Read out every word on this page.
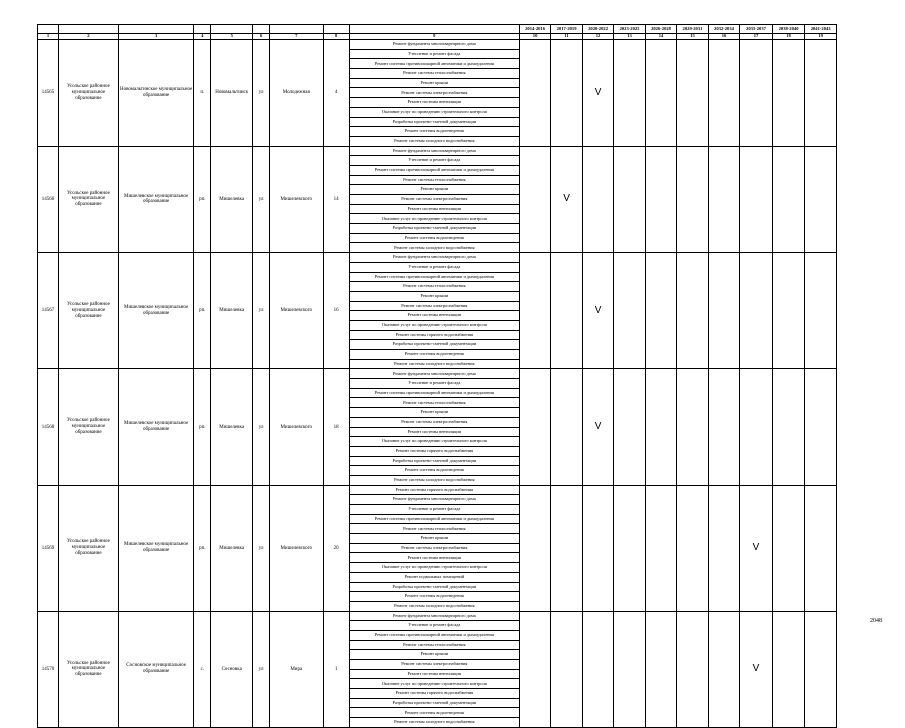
									2014-2016	2017-2019	2020-2022	2023-2025	2026-2028	2029-2031	2032-2034	2035-2037	2038-2040	2041-2043
1	2	3	4	5	6	7	8	9	10	11	12	13	14	15	16	17	18	19
14565	Усольское районное муниципальное образование	Новомальтинское муниципальное образование	п.	Новомальтинск	ул	Молодежная	4	Ремонт фундамента многоквартирного дома			V							
								Утепление и ремонт фасада										
								Ремонт системы противопожарной автоматики и дымоудаления										
								Ремонт системы теплоснабжения										
								Ремонт крыши										
								Ремонт системы электроснабжения										
								Ремонт системы вентиляции										
								Оказание услуг по проведению строительного контроля										
								Разработка проектно-сметной документации										
								Ремонт системы водоотведения										
								Ремонт системы холодного водоснабжения										
14566	Усольское районное муниципальное образование	Мишелевское муниципальное образование	рп.	Мишелевка	ул	Мишелевского	14	Ремонт фундамента многоквартирного дома		V								
								Утепление и ремонт фасада										
								Ремонт системы противопожарной автоматики и дымоудаления										
								Ремонт системы теплоснабжения										
								Ремонт крыши										
								Ремонт системы электроснабжения										
								Ремонт системы вентиляции										
								Оказание услуг по проведению строительного контроля										
								Разработка проектно-сметной документации										
								Ремонт системы водоотведения										
								Ремонт системы холодного водоснабжения										
14567	Усольское районное муниципальное образование	Мишелевское муниципальное образование	рп.	Мишелевка	ул	Мишелевского	16	Ремонт фундамента многоквартирного дома			V							
								Утепление и ремонт фасада										
								Ремонт системы противопожарной автоматики и дымоудаления										
								Ремонт системы теплоснабжения										
								Ремонт крыши										
								Ремонт системы электроснабжения										
								Ремонт системы вентиляции										
								Оказание услуг по проведению строительного контроля										
								Ремонт системы горячего водоснабжения										
								Разработка проектно-сметной документации										
								Ремонт системы водоотведения										
								Ремонт системы холодного водоснабжения										
14568	Усольское районное муниципальное образование	Мишелевское муниципальное образование	рп.	Мишелевка	ул	Мишелевского	18	Ремонт фундамента многоквартирного дома			V							
								Утепление и ремонт фасада										
								Ремонт системы противопожарной автоматики и дымоудаления										
								Ремонт системы теплоснабжения										
								Ремонт крыши										
								Ремонт системы электроснабжения										
								Ремонт системы вентиляции										
								Оказание услуг по проведению строительного контроля										
								Ремонт системы горячего водоснабжения										
								Разработка проектно-сметной документации										
								Ремонт системы водоотведения										
								Ремонт системы холодного водоснабжения										
14569	Усольское районное муниципальное образование	Мишелевское муниципальное образование	рп.	Мишелевка	ул	Мишелевского	20	Ремонт системы горячего водоснабжения								V		
								Ремонт фундамента многоквартирного дома										
								Утепление и ремонт фасада										
								Ремонт системы противопожарной автоматики и дымоудаления										
								Ремонт системы теплоснабжения										
								Ремонт крыши										
								Ремонт системы электроснабжения										
								Ремонт системы вентиляции										
								Оказание услуг по проведению строительного контроля										
								Ремонт подвальных помещений										
								Разработка проектно-сметной документации										
								Ремонт системы водоотведения										
								Ремонт системы холодного водоснабжения										
14570	Усольское районное муниципальное образование	Сосновское муниципальное образование	с.	Сосновка	ул	Мира	1	Ремонт фундамента многоквартирного дома								V		
								Утепление и ремонт фасада										
								Ремонт системы противопожарной автоматики и дымоудаления										
								Ремонт системы теплоснабжения										
								Ремонт крыши										
								Ремонт системы электроснабжения										
								Ремонт системы вентиляции										
								Оказание услуг по проведению строительного контроля										
								Ремонт системы горячего водоснабжения										
								Разработка проектно-сметной документации										
								Ремонт системы водоотведения										
								Ремонт системы холодного водоснабжения										
2048
